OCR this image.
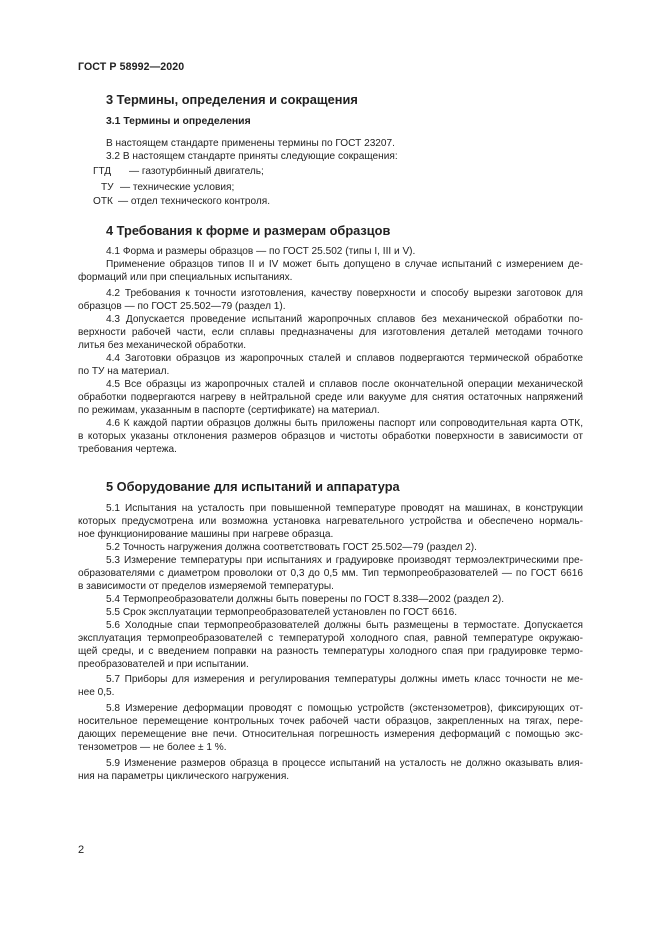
ГОСТ Р 58992—2020
3 Термины, определения и сокращения
3.1 Термины и определения
В настоящем стандарте применены термины по ГОСТ 23207.
3.2 В настоящем стандарте приняты следующие сокращения:
ГТД — газотурбинный двигатель;
ТУ — технические условия;
ОТК — отдел технического контроля.
4 Требования к форме и размерам образцов
4.1 Форма и размеры образцов — по ГОСТ 25.502 (типы I, III и V).
Применение образцов типов II и IV может быть допущено в случае испытаний с измерением де-
формаций или при специальных испытаниях.
4.2 Требования к точности изготовления, качеству поверхности и способу вырезки заготовок для
образцов — по ГОСТ 25.502—79 (раздел 1).
4.3 Допускается проведение испытаний жаропрочных сплавов без механической обработки по-
верхности рабочей части, если сплавы предназначены для изготовления деталей методами точного
литья без механической обработки.
4.4 Заготовки образцов из жаропрочных сталей и сплавов подвергаются термической обработке
по ТУ на материал.
4.5 Все образцы из жаропрочных сталей и сплавов после окончательной операции механической
обработки подвергаются нагреву в нейтральной среде или вакууме для снятия остаточных напряжений
по режимам, указанным в паспорте (сертификате) на материал.
4.6 К каждой партии образцов должны быть приложены паспорт или сопроводительная карта ОТК,
в которых указаны отклонения размеров образцов и чистоты обработки поверхности в зависимости от
требования чертежа.
5 Оборудование для испытаний и аппаратура
5.1 Испытания на усталость при повышенной температуре проводят на машинах, в конструкции
которых предусмотрена или возможна установка нагревательного устройства и обеспечено нормаль-
ное функционирование машины при нагреве образца.
5.2 Точность нагружения должна соответствовать ГОСТ 25.502—79 (раздел 2).
5.3 Измерение температуры при испытаниях и градуировке производят термоэлектрическими пре-
образователями с диаметром проволоки от 0,3 до 0,5 мм. Тип термопреобразователей — по ГОСТ 6616
в зависимости от пределов измеряемой температуры.
5.4 Термопреобразователи должны быть поверены по ГОСТ 8.338—2002 (раздел 2).
5.5 Срок эксплуатации термопреобразователей установлен по ГОСТ 6616.
5.6 Холодные спаи термопреобразователей должны быть размещены в термостате. Допускается
эксплуатация термопреобразователей с температурой холодного спая, равной температуре окружаю-
щей среды, и с введением поправки на разность температуры холодного спая при градуировке термо-
преобразователей и при испытании.
5.7 Приборы для измерения и регулирования температуры должны иметь класс точности не ме-
нее 0,5.
5.8 Измерение деформации проводят с помощью устройств (экстензометров), фиксирующих от-
носительное перемещение контрольных точек рабочей части образцов, закрепленных на тягах, пере-
дающих перемещение вне печи. Относительная погрешность измерения деформаций с помощью экс-
тензометров — не более ± 1 %.
5.9 Изменение размеров образца в процессе испытаний на усталость не должно оказывать влия-
ния на параметры циклического нагружения.
2
